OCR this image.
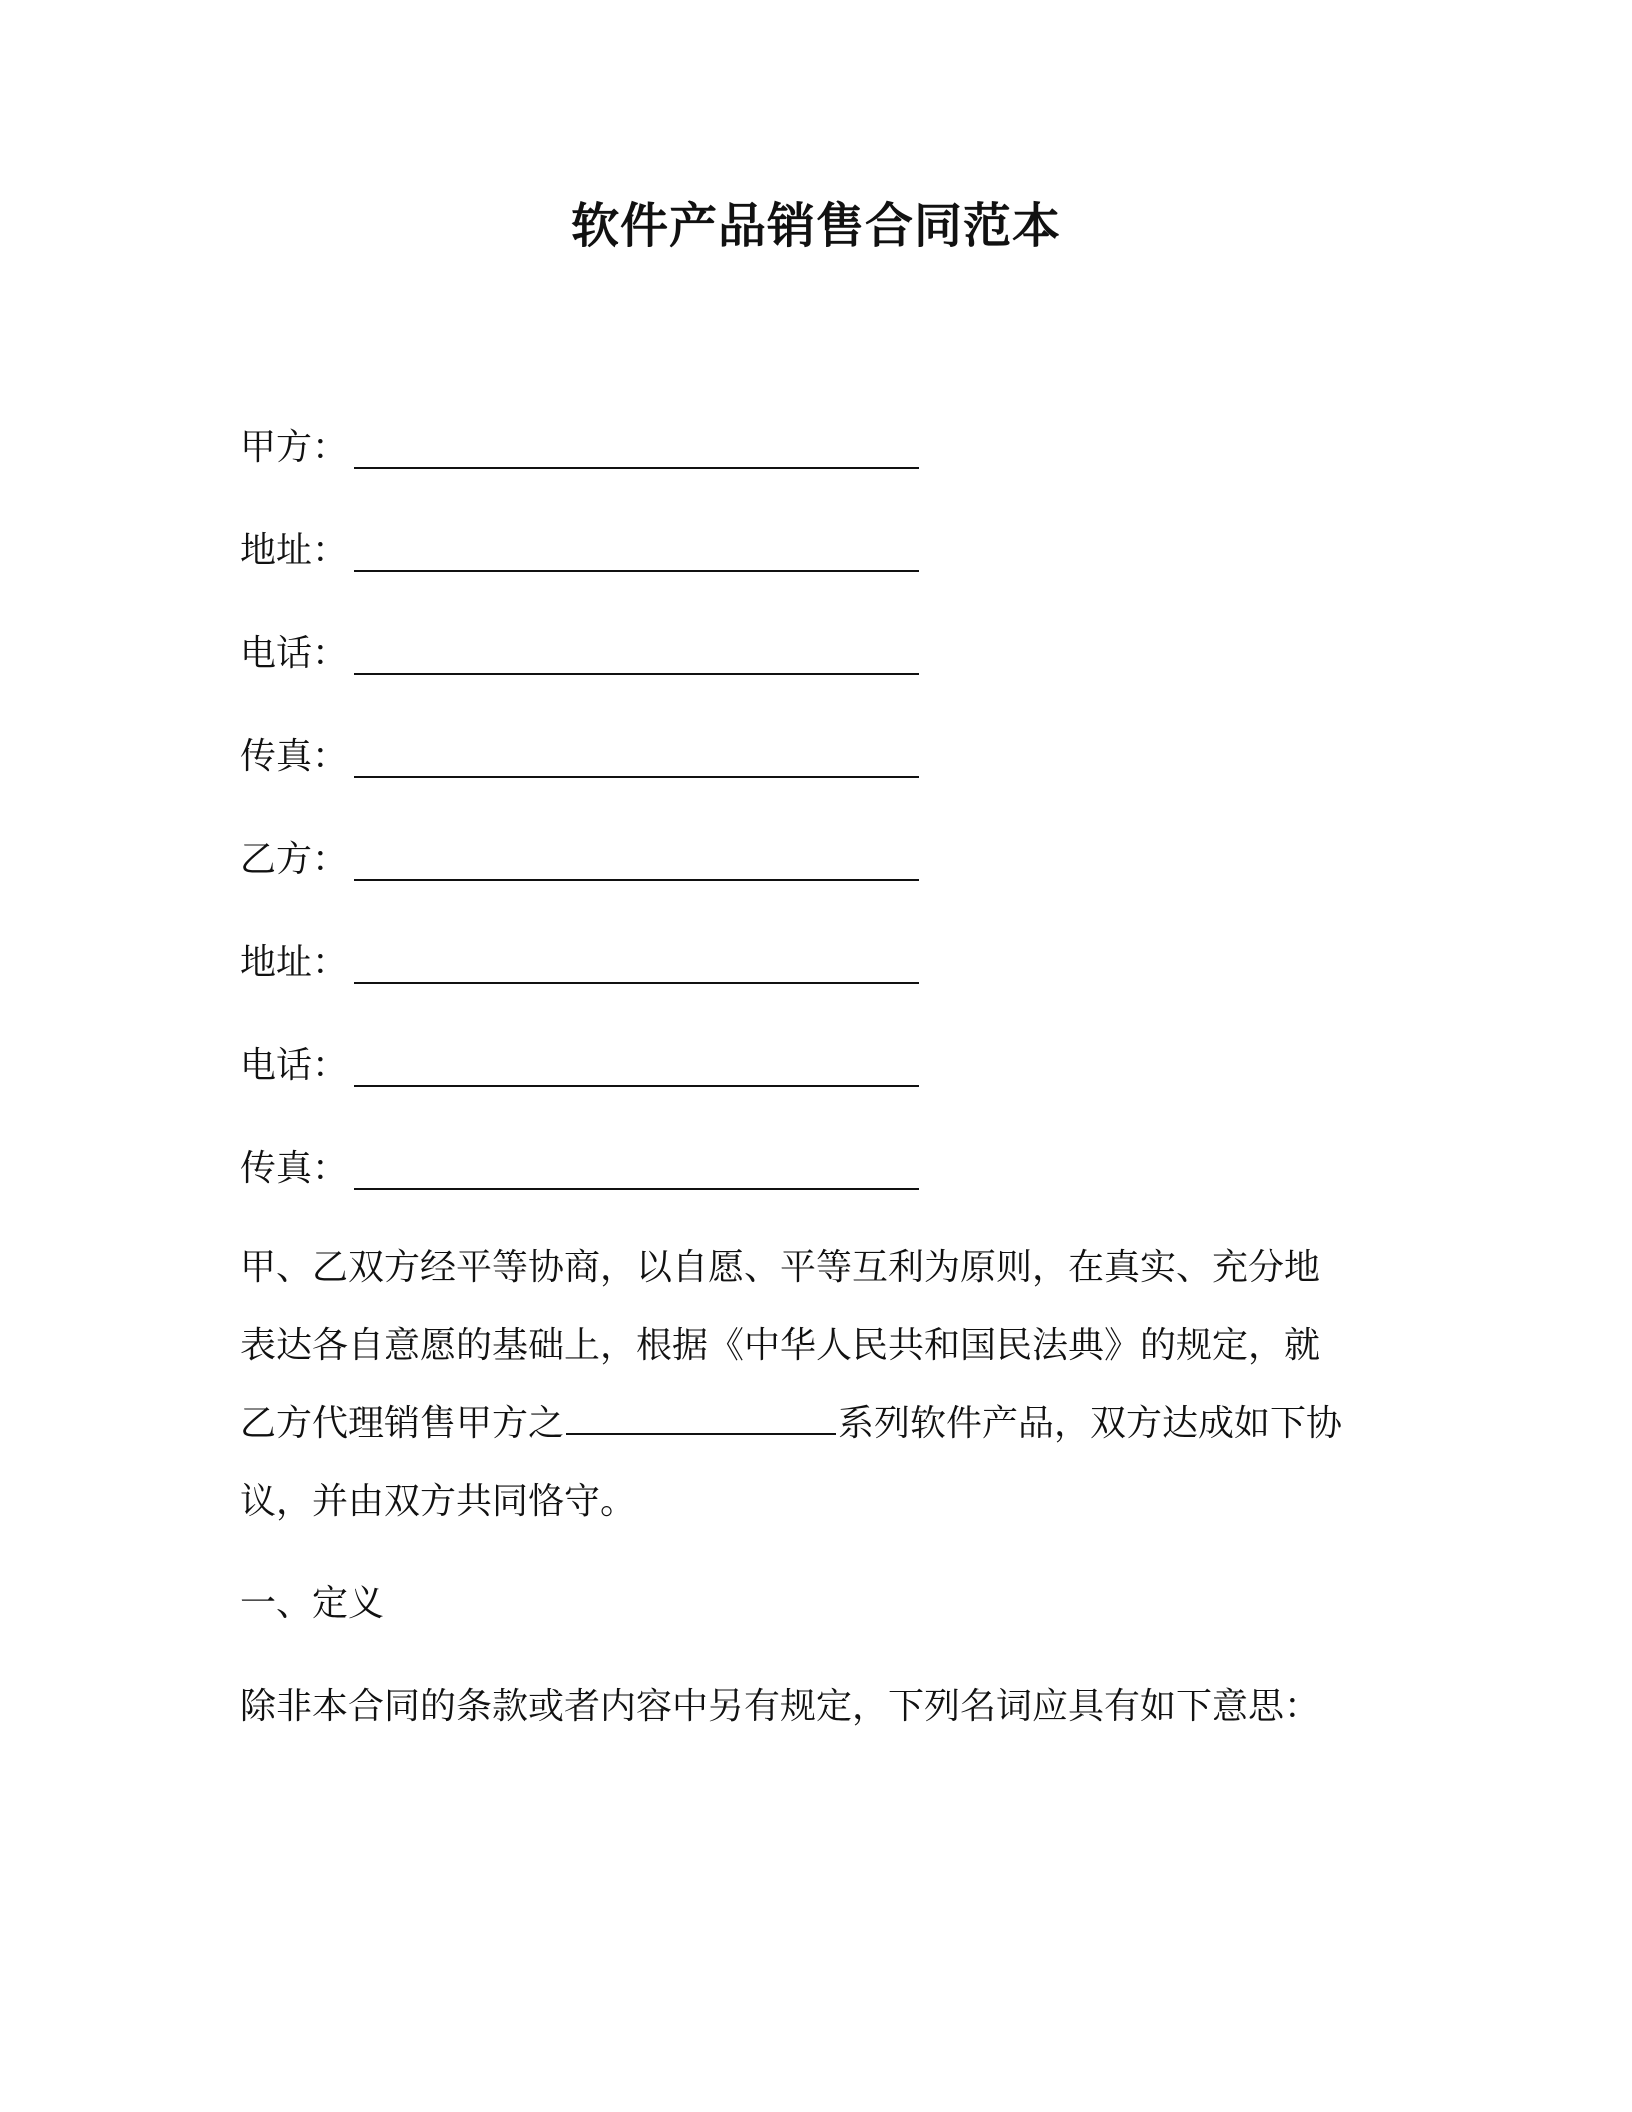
软件产品销售合同范本
甲方：
地址：
电话：
传真：
乙方：
地址：
电话：
传真：
甲、乙双方经平等协商，以自愿、平等互利为原则，在真实、充分地
表达各自意愿的基础上，根据《中华人民共和国民法典》的规定，就
乙方代理销售甲方之	系列软件产品，双方达成如下协
议，并由双方共同恪守。
一、定义
除非本合同的条款或者内容中另有规定，下列名词应具有如下意思：
